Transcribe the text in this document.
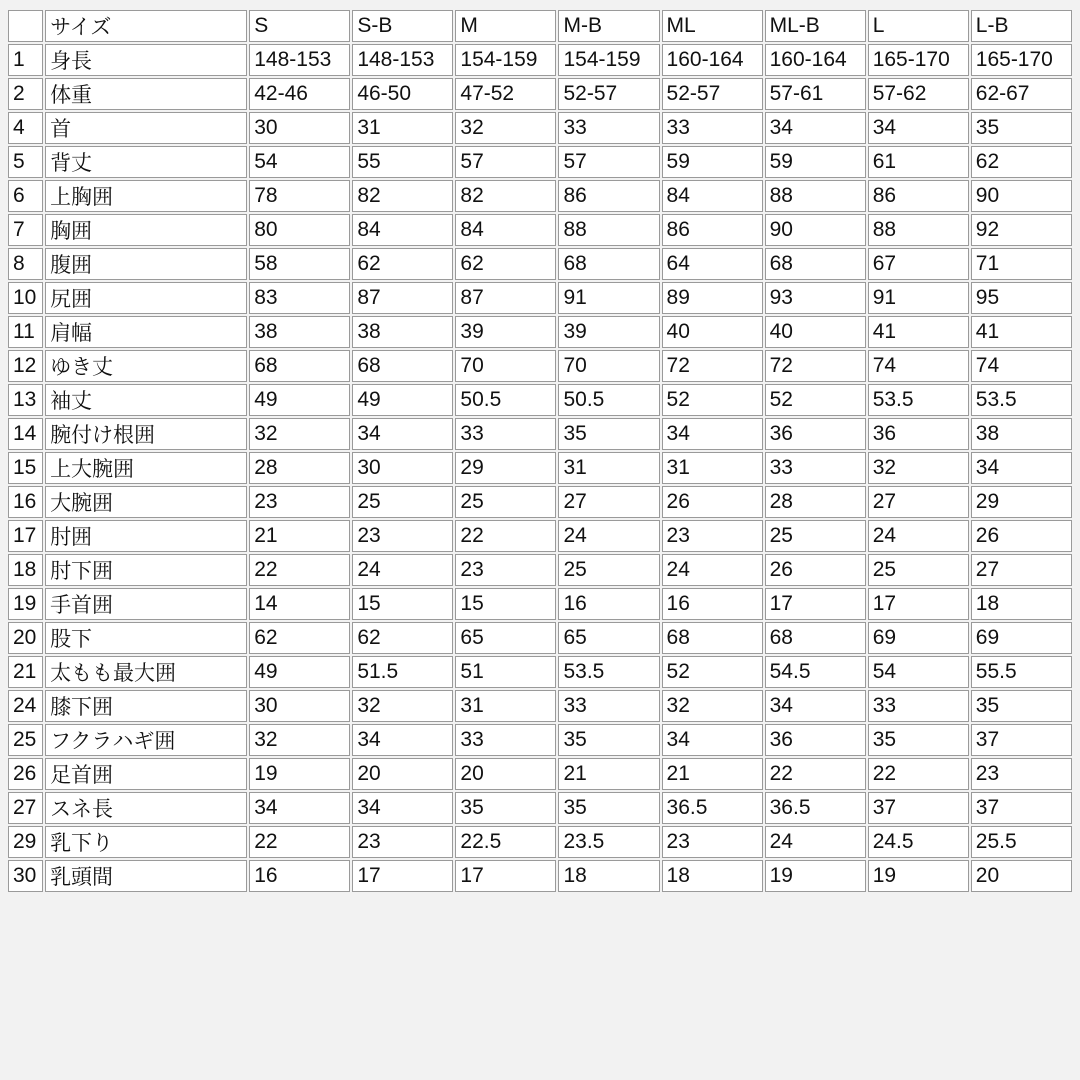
	サイズ	S	S-B	M	M-B	ML	ML-B	L	L-B
1	身長	148-153	148-153	154-159	154-159	160-164	160-164	165-170	165-170
2	体重	42-46	46-50	47-52	52-57	52-57	57-61	57-62	62-67
4	首	30	31	32	33	33	34	34	35
5	背丈	54	55	57	57	59	59	61	62
6	上胸囲	78	82	82	86	84	88	86	90
7	胸囲	80	84	84	88	86	90	88	92
8	腹囲	58	62	62	68	64	68	67	71
10	尻囲	83	87	87	91	89	93	91	95
11	肩幅	38	38	39	39	40	40	41	41
12	ゆき丈	68	68	70	70	72	72	74	74
13	袖丈	49	49	50.5	50.5	52	52	53.5	53.5
14	腕付け根囲	32	34	33	35	34	36	36	38
15	上大腕囲	28	30	29	31	31	33	32	34
16	大腕囲	23	25	25	27	26	28	27	29
17	肘囲	21	23	22	24	23	25	24	26
18	肘下囲	22	24	23	25	24	26	25	27
19	手首囲	14	15	15	16	16	17	17	18
20	股下	62	62	65	65	68	68	69	69
21	太もも最大囲	49	51.5	51	53.5	52	54.5	54	55.5
24	膝下囲	30	32	31	33	32	34	33	35
25	フクラハギ囲	32	34	33	35	34	36	35	37
26	足首囲	19	20	20	21	21	22	22	23
27	スネ長	34	34	35	35	36.5	36.5	37	37
29	乳下り	22	23	22.5	23.5	23	24	24.5	25.5
30	乳頭間	16	17	17	18	18	19	19	20
